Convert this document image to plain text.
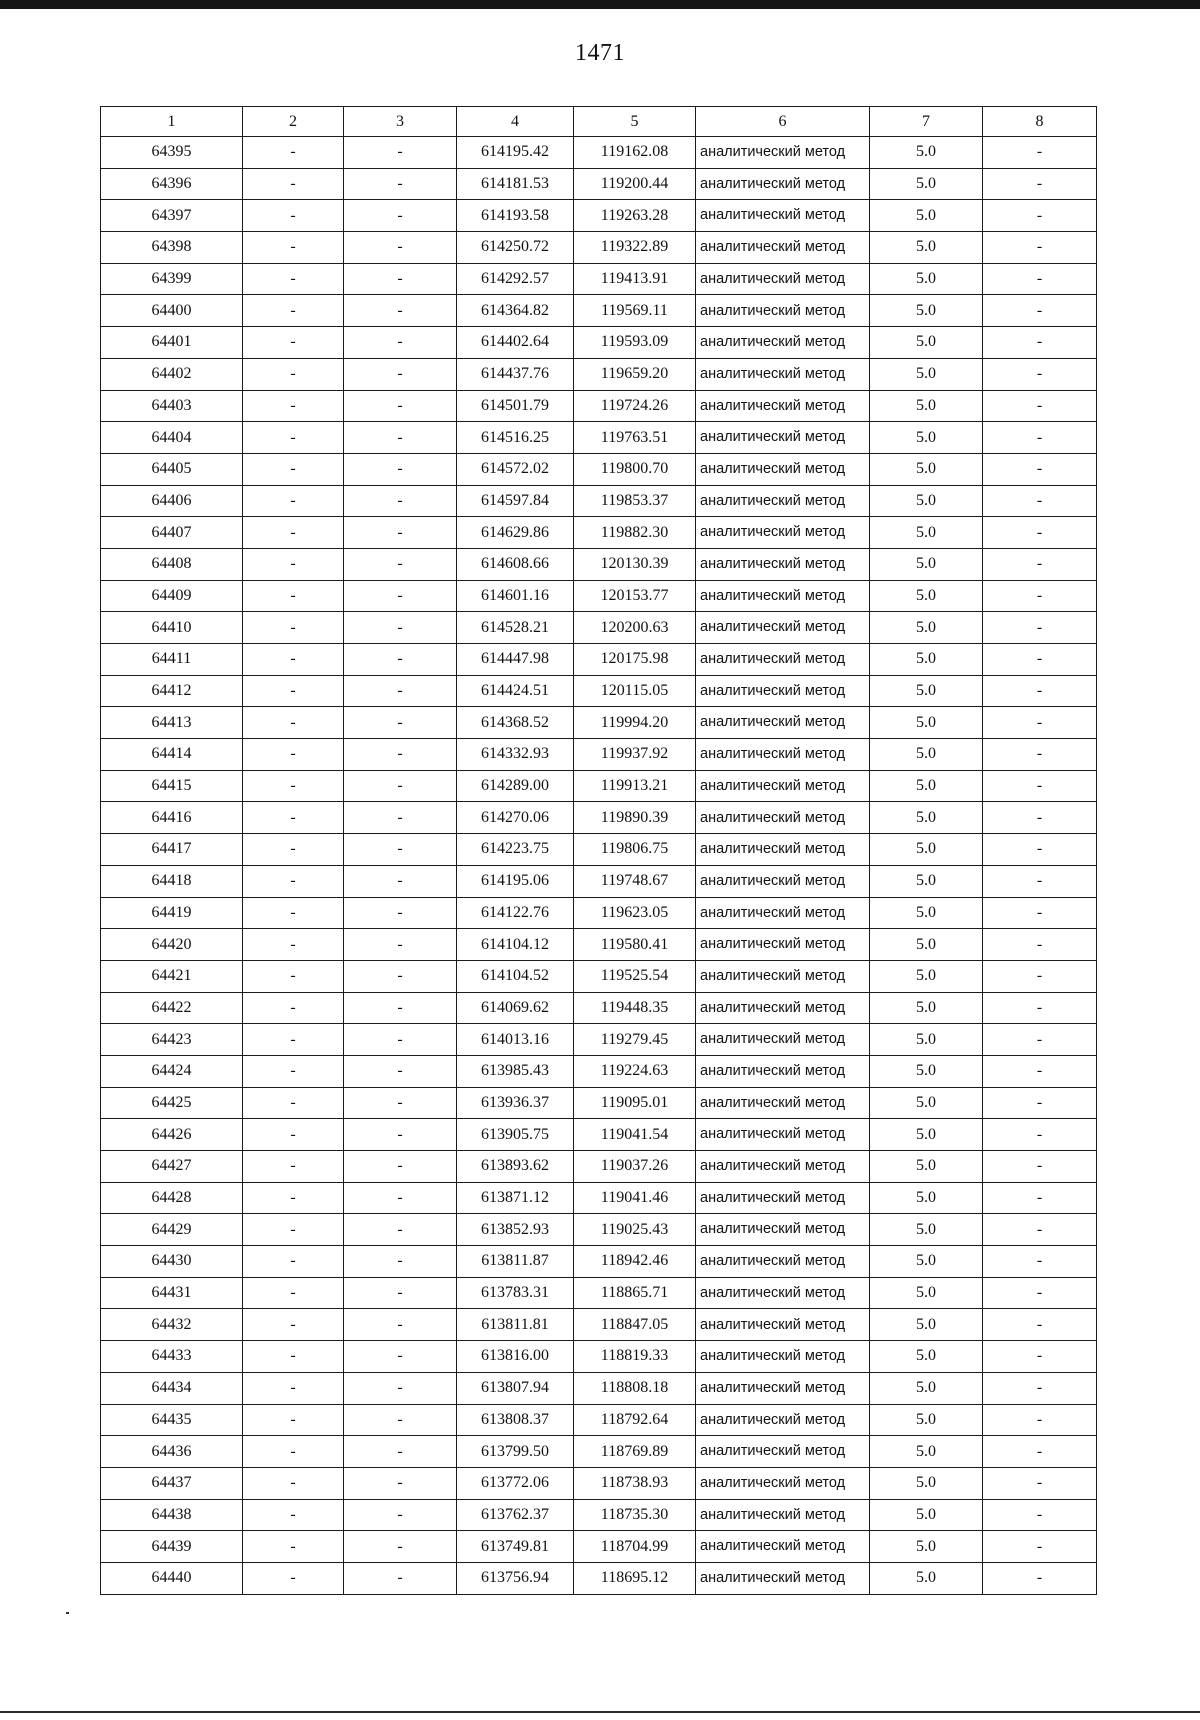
1471
1	2	3	4	5	6	7	8
64395	-	-	614195.42	119162.08	аналитический метод	5.0	-
64396	-	-	614181.53	119200.44	аналитический метод	5.0	-
64397	-	-	614193.58	119263.28	аналитический метод	5.0	-
64398	-	-	614250.72	119322.89	аналитический метод	5.0	-
64399	-	-	614292.57	119413.91	аналитический метод	5.0	-
64400	-	-	614364.82	119569.11	аналитический метод	5.0	-
64401	-	-	614402.64	119593.09	аналитический метод	5.0	-
64402	-	-	614437.76	119659.20	аналитический метод	5.0	-
64403	-	-	614501.79	119724.26	аналитический метод	5.0	-
64404	-	-	614516.25	119763.51	аналитический метод	5.0	-
64405	-	-	614572.02	119800.70	аналитический метод	5.0	-
64406	-	-	614597.84	119853.37	аналитический метод	5.0	-
64407	-	-	614629.86	119882.30	аналитический метод	5.0	-
64408	-	-	614608.66	120130.39	аналитический метод	5.0	-
64409	-	-	614601.16	120153.77	аналитический метод	5.0	-
64410	-	-	614528.21	120200.63	аналитический метод	5.0	-
64411	-	-	614447.98	120175.98	аналитический метод	5.0	-
64412	-	-	614424.51	120115.05	аналитический метод	5.0	-
64413	-	-	614368.52	119994.20	аналитический метод	5.0	-
64414	-	-	614332.93	119937.92	аналитический метод	5.0	-
64415	-	-	614289.00	119913.21	аналитический метод	5.0	-
64416	-	-	614270.06	119890.39	аналитический метод	5.0	-
64417	-	-	614223.75	119806.75	аналитический метод	5.0	-
64418	-	-	614195.06	119748.67	аналитический метод	5.0	-
64419	-	-	614122.76	119623.05	аналитический метод	5.0	-
64420	-	-	614104.12	119580.41	аналитический метод	5.0	-
64421	-	-	614104.52	119525.54	аналитический метод	5.0	-
64422	-	-	614069.62	119448.35	аналитический метод	5.0	-
64423	-	-	614013.16	119279.45	аналитический метод	5.0	-
64424	-	-	613985.43	119224.63	аналитический метод	5.0	-
64425	-	-	613936.37	119095.01	аналитический метод	5.0	-
64426	-	-	613905.75	119041.54	аналитический метод	5.0	-
64427	-	-	613893.62	119037.26	аналитический метод	5.0	-
64428	-	-	613871.12	119041.46	аналитический метод	5.0	-
64429	-	-	613852.93	119025.43	аналитический метод	5.0	-
64430	-	-	613811.87	118942.46	аналитический метод	5.0	-
64431	-	-	613783.31	118865.71	аналитический метод	5.0	-
64432	-	-	613811.81	118847.05	аналитический метод	5.0	-
64433	-	-	613816.00	118819.33	аналитический метод	5.0	-
64434	-	-	613807.94	118808.18	аналитический метод	5.0	-
64435	-	-	613808.37	118792.64	аналитический метод	5.0	-
64436	-	-	613799.50	118769.89	аналитический метод	5.0	-
64437	-	-	613772.06	118738.93	аналитический метод	5.0	-
64438	-	-	613762.37	118735.30	аналитический метод	5.0	-
64439	-	-	613749.81	118704.99	аналитический метод	5.0	-
64440	-	-	613756.94	118695.12	аналитический метод	5.0	-
